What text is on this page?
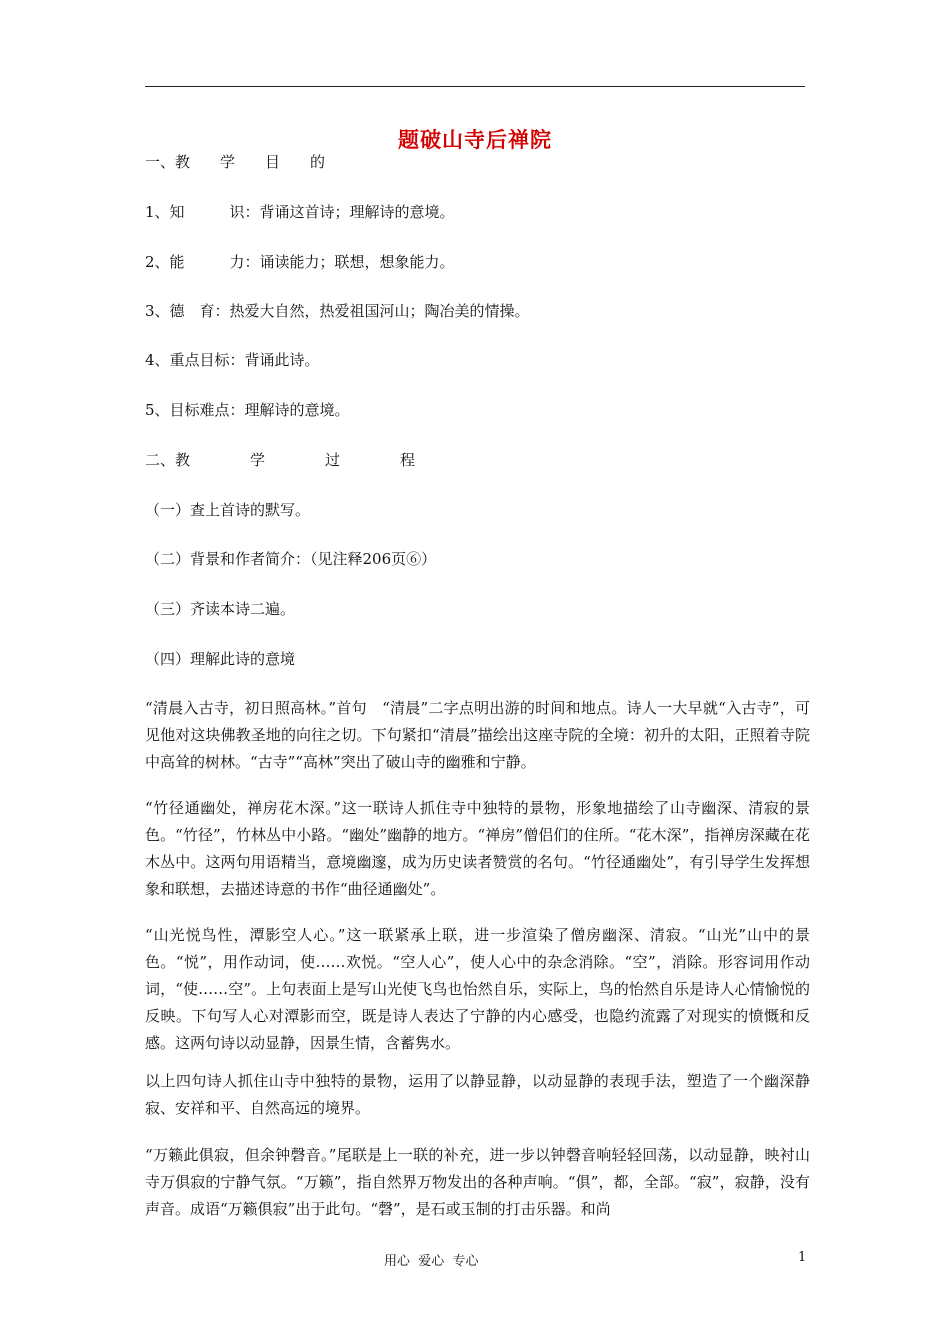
题破山寺后禅院
一、教　　学　　目　　的
1、知　　　识：背诵这首诗；理解诗的意境。
2、能　　　力：诵读能力；联想，想象能力。
3、德　育：热爱大自然，热爱祖国河山；陶冶美的情操。
4、重点目标：背诵此诗。
5、目标难点：理解诗的意境。
二、教　　　　学　　　　过　　　　程
（一）查上首诗的默写。
（二）背景和作者简介：（见注释206页⑥）
（三）齐读本诗二遍。
（四）理解此诗的意境
“清晨入古寺，初日照高林。”首句　“清晨”二字点明出游的时间和地点。诗人一大早就“入古寺”，可见他对这块佛教圣地的向往之切。下句紧扣“清晨”描绘出这座寺院的全境：初升的太阳，正照着寺院中高耸的树林。“古寺”“高林”突出了破山寺的幽雅和宁静。
“竹径通幽处，禅房花木深。”这一联诗人抓住寺中独特的景物，形象地描绘了山寺幽深、清寂的景色。“竹径”，竹林丛中小路。“幽处”幽静的地方。“禅房”僧侣们的住所。“花木深”，指禅房深藏在花木丛中。这两句用语精当，意境幽邃，成为历史读者赞赏的名句。“竹径通幽处”，有引导学生发挥想象和联想，去描述诗意的书作“曲径通幽处”。
“山光悦鸟性，潭影空人心。”这一联紧承上联，进一步渲染了僧房幽深、清寂。“山光”山中的景色。“悦”，用作动词，使……欢悦。“空人心”，使人心中的杂念消除。“空”，消除。形容词用作动词，“使……空”。上句表面上是写山光使飞鸟也怡然自乐，实际上，鸟的怡然自乐是诗人心情愉悦的反映。下句写人心对潭影而空，既是诗人表达了宁静的内心感受，也隐约流露了对现实的愤慨和反感。这两句诗以动显静，因景生情，含蓄隽水。
以上四句诗人抓住山寺中独特的景物，运用了以静显静，以动显静的表现手法，塑造了一个幽深静寂、安祥和平、自然高远的境界。
“万籁此俱寂，但余钟磬音。”尾联是上一联的补充，进一步以钟磬音响轻轻回荡，以动显静，映衬山寺万俱寂的宁静气氛。“万籁”，指自然界万物发出的各种声响。“俱”，都，全部。“寂”，寂静，没有声音。成语“万籁俱寂”出于此句。“磬”，是石或玉制的打击乐器。和尚
用心  爱心  专心	1
